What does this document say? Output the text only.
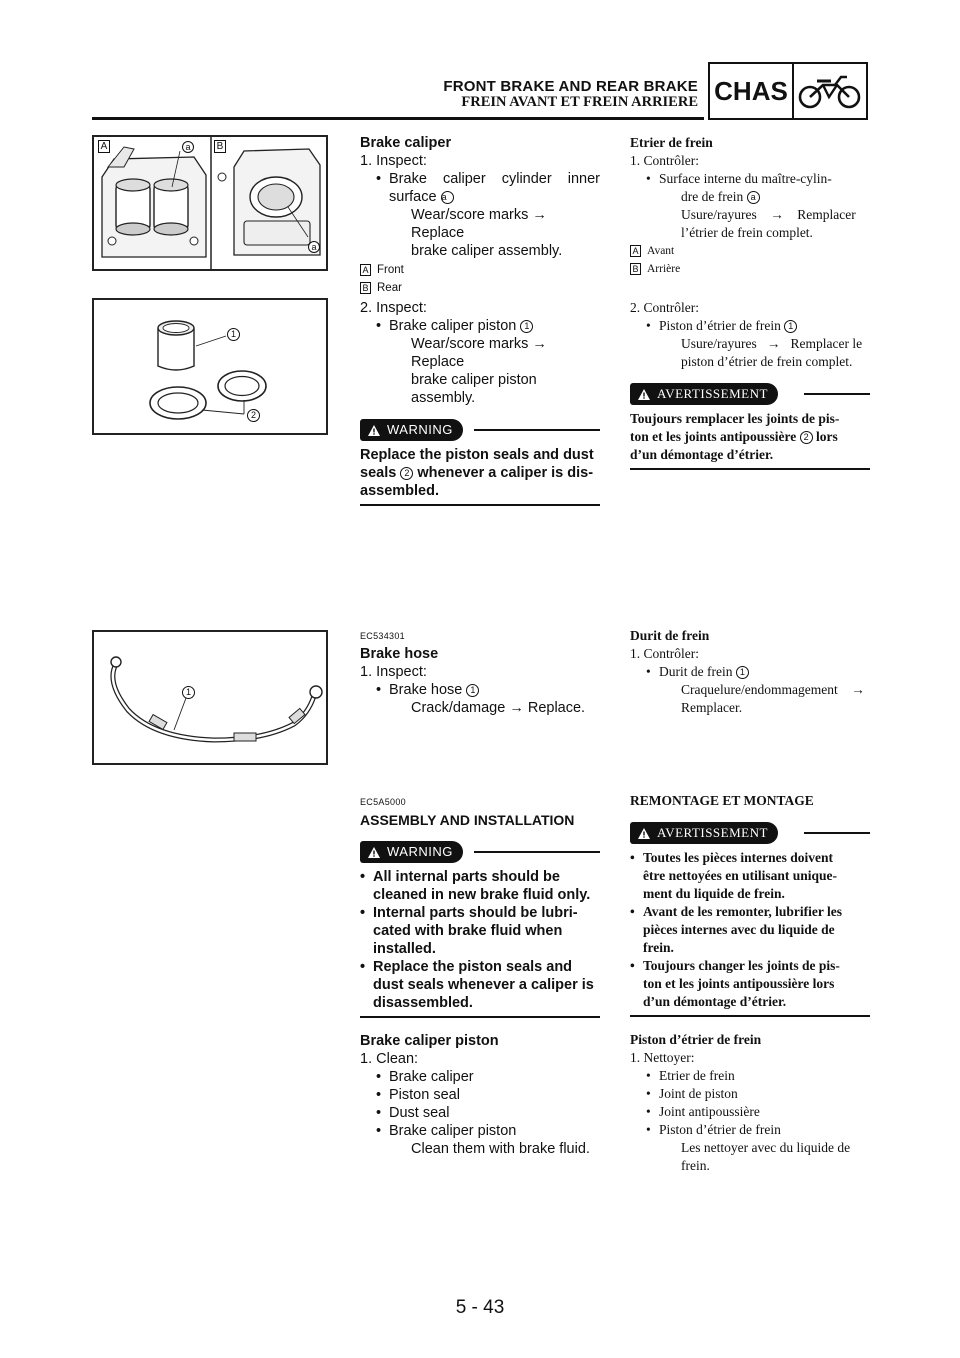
FRONT BRAKE AND REAR BRAKE
FREIN AVANT ET FREIN ARRIERE CHAS
A	B
a
a
1
2
1
Brake caliper
1. Inspect:
• Brake caliper cylinder inner surface a
Wear/score marks → Replace
brake caliper assembly.
A Front
B Rear
Etrier de frein
1. Contrôler:
• Surface interne du maître-cylin-
dre de frein a
Usure/rayures    →    Remplacer
l’étrier de frein complet.
A Avant
B Arrière
2. Inspect:
• Brake caliper piston 1
Wear/score marks → Replace
brake caliper piston assembly.
WARNING
Replace the piston seals and dust
seals 2 whenever a caliper is dis-
assembled.
2. Contrôler:
• Piston d’étrier de frein 1
Usure/rayures   →   Remplacer le
piston d’étrier de frein complet.
AVERTISSEMENT
Toujours remplacer les joints de pis-
ton et les joints antipoussière 2 lors
d’un démontage d’étrier.
EC534301
Brake hose
1. Inspect:
• Brake hose 1
Crack/damage → Replace.
Durit de frein
1. Contrôler:
• Durit de frein 1
Craquelure/endommagement    →
Remplacer.
EC5A5000
ASSEMBLY AND INSTALLATION
WARNING
• All internal parts should be
cleaned in new brake fluid only.
• Internal parts should be lubri-
cated with brake fluid when
installed.
• Replace the piston seals and
dust seals whenever a caliper is
disassembled.
Brake caliper piston
1. Clean:
• Brake caliper
• Piston seal
• Dust seal
• Brake caliper piston
Clean them with brake fluid.
REMONTAGE ET MONTAGE
AVERTISSEMENT
• Toutes les pièces internes doivent
être nettoyées en utilisant unique-
ment du liquide de frein.
• Avant de les remonter, lubrifier les
pièces internes avec du liquide de
frein.
• Toujours changer les joints de pis-
ton et les joints antipoussière lors
d’un démontage d’étrier.
Piston d’étrier de frein
1. Nettoyer:
• Etrier de frein
• Joint de piston
• Joint antipoussière
• Piston d’étrier de frein
Les nettoyer avec du liquide de
frein.
5 - 43
